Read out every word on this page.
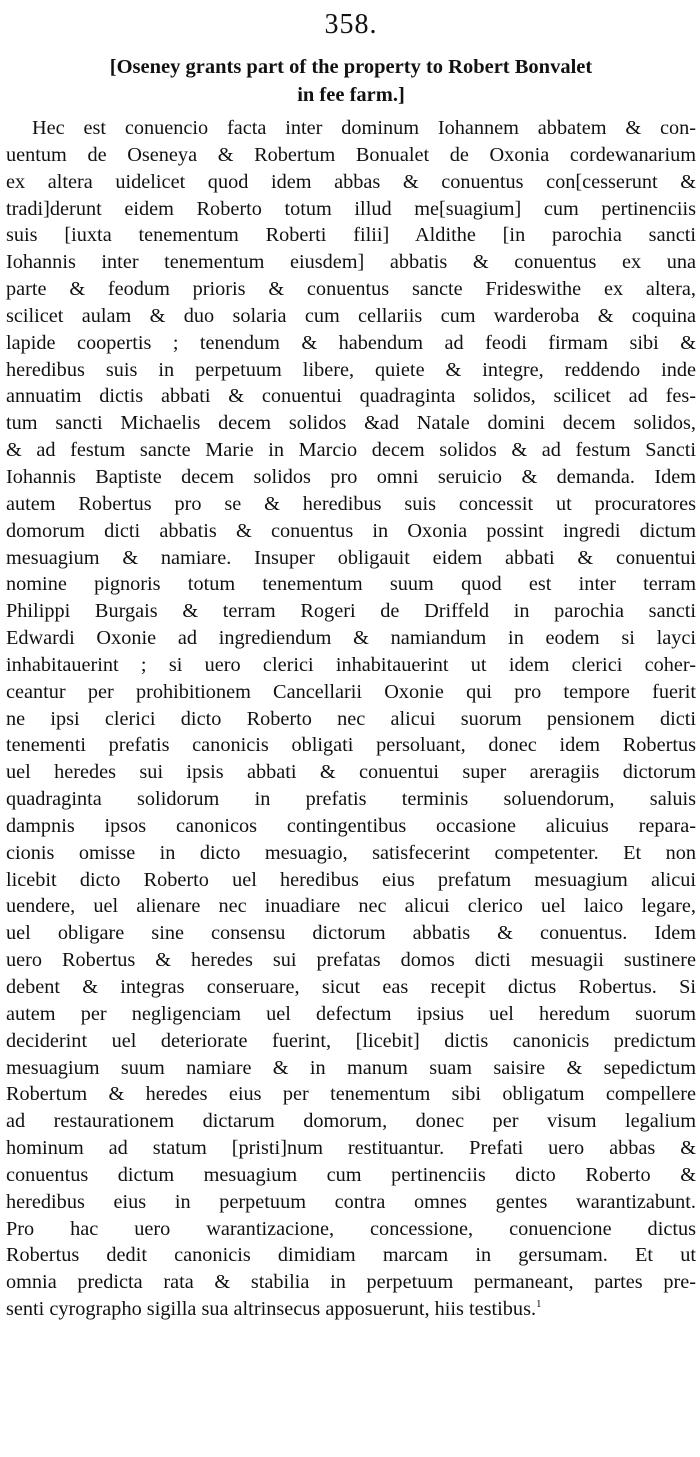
358.
[Oseney grants part of the property to Robert Bonvalet
in fee farm.]
Hec est conuencio facta inter dominum Iohannem abbatem & con-
uentum de Oseneya & Robertum Bonualet de Oxonia cordewanarium
ex altera uidelicet quod idem abbas & conuentus con[cesserunt &
tradi]derunt eidem Roberto totum illud me[suagium] cum pertinenciis
suis [iuxta tenementum Roberti filii] Aldithe [in parochia sancti
Iohannis inter tenementum eiusdem] abbatis & conuentus ex una
parte & feodum prioris & conuentus sancte Frideswithe ex altera,
scilicet aulam & duo solaria cum cellariis cum warderoba & coquina
lapide coopertis ; tenendum & habendum ad feodi firmam sibi &
heredibus suis in perpetuum libere, quiete & integre, reddendo inde
annuatim dictis abbati & conuentui quadraginta solidos, scilicet ad fes-
tum sancti Michaelis decem solidos &ad Natale domini decem solidos,
& ad festum sancte Marie in Marcio decem solidos & ad festum Sancti
Iohannis Baptiste decem solidos pro omni seruicio & demanda. Idem
autem Robertus pro se & heredibus suis concessit ut procuratores
domorum dicti abbatis & conuentus in Oxonia possint ingredi dictum
mesuagium & namiare. Insuper obligauit eidem abbati & conuentui
nomine pignoris totum tenementum suum quod est inter terram
Philippi Burgais & terram Rogeri de Driffeld in parochia sancti
Edwardi Oxonie ad ingrediendum & namiandum in eodem si layci
inhabitauerint ; si uero clerici inhabitauerint ut idem clerici coher-
ceantur per prohibitionem Cancellarii Oxonie qui pro tempore fuerit
ne ipsi clerici dicto Roberto nec alicui suorum pensionem dicti
tenementi prefatis canonicis obligati persoluant, donec idem Robertus
uel heredes sui ipsis abbati & conuentui super areragiis dictorum
quadraginta solidorum in prefatis terminis soluendorum, saluis
dampnis ipsos canonicos contingentibus occasione alicuius repara-
cionis omisse in dicto mesuagio, satisfecerint competenter. Et non
licebit dicto Roberto uel heredibus eius prefatum mesuagium alicui
uendere, uel alienare nec inuadiare nec alicui clerico uel laico legare,
uel obligare sine consensu dictorum abbatis & conuentus. Idem
uero Robertus & heredes sui prefatas domos dicti mesuagii sustinere
debent & integras conseruare, sicut eas recepit dictus Robertus. Si
autem per negligenciam uel defectum ipsius uel heredum suorum
deciderint uel deteriorate fuerint, [licebit] dictis canonicis predictum
mesuagium suum namiare & in manum suam saisire & sepedictum
Robertum & heredes eius per tenementum sibi obligatum compellere
ad restaurationem dictarum domorum, donec per visum legalium
hominum ad statum [pristi]num restituantur. Prefati uero abbas &
conuentus dictum mesuagium cum pertinenciis dicto Roberto &
heredibus eius in perpetuum contra omnes gentes warantizabunt.
Pro hac uero warantizacione, concessione, conuencione dictus
Robertus dedit canonicis dimidiam marcam in gersumam. Et ut
omnia predicta rata & stabilia in perpetuum permaneant, partes pre-
senti cyrographo sigilla sua altrinsecus apposuerunt, hiis testibus.$^1$
